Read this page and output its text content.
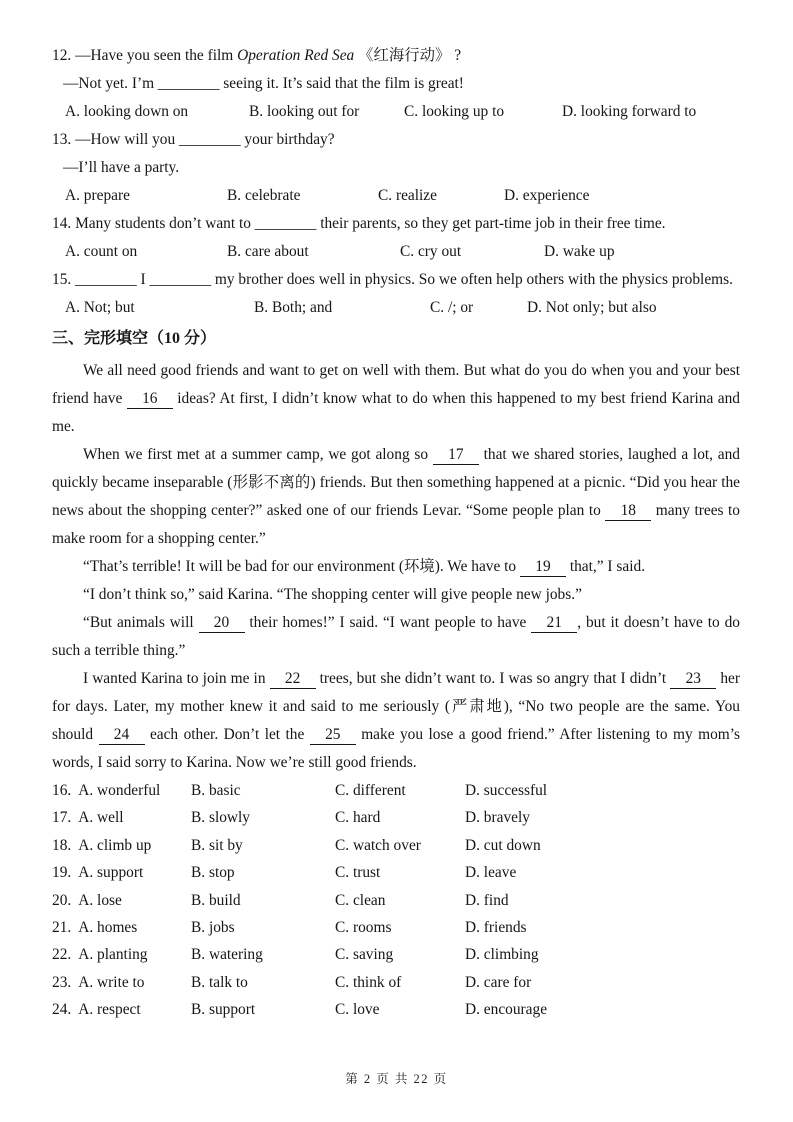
12. —Have you seen the film Operation Red Sea 《红海行动》 ?
—Not yet. I’m ________ seeing it. It’s said that the film is great!
A. looking down on	B. looking out for	C. looking up to	D. looking forward to
13. —How will you ________ your birthday?
—I’ll have a party.
A. prepare	B. celebrate	C. realize	D. experience
14. Many students don’t want to ________ their parents, so they get part-time job in their free time.
A. count on	B. care about	C. cry out	D. wake up
15. ________ I ________ my brother does well in physics. So we often help others with the physics problems.
A. Not; but	B. Both; and	C. /; or	D. Not only; but also
三、完形填空（10 分）

We all need good friends and want to get on well with them. But what do you do when you and your best friend have 16 ideas? At first, I didn’t know what to do when this happened to my best friend Karina and me.

When we first met at a summer camp, we got along so 17 that we shared stories, laughed a lot, and quickly became inseparable (形影不离的) friends. But then something happened at a picnic. “Did you hear the news about the shopping center?” asked one of our friends Levar. “Some people plan to 18 many trees to make room for a shopping center.”

“That’s terrible! It will be bad for our environment (环境). We have to 19 that,” I said.

“I don’t think so,” said Karina. “The shopping center will give people new jobs.”

“But animals will 20 their homes!” I said. “I want people to have 21 , but it doesn’t have to do such a terrible thing.”

I wanted Karina to join me in 22 trees, but she didn’t want to. I was so angry that I didn’t 23 her for days. Later, my mother knew it and said to me seriously (严肃地), “No two people are the same. You should 24 each other. Don’t let the 25 make you lose a good friend.” After listening to my mom’s words, I said sorry to Karina. Now we’re still good friends.

16. A. wonderful	B. basic	C. different	D. successful
17. A. well	B. slowly	C. hard	D. bravely
18. A. climb up	B. sit by	C. watch over	D. cut down
19. A. support	B. stop	C. trust	D. leave
20. A. lose	B. build	C. clean	D. find
21. A. homes	B. jobs	C. rooms	D. friends
22. A. planting	B. watering	C. saving	D. climbing
23. A. write to	B. talk to	C. think of	D. care for
24. A. respect	B. support	C. love	D. encourage
第 2 页 共 22 页
